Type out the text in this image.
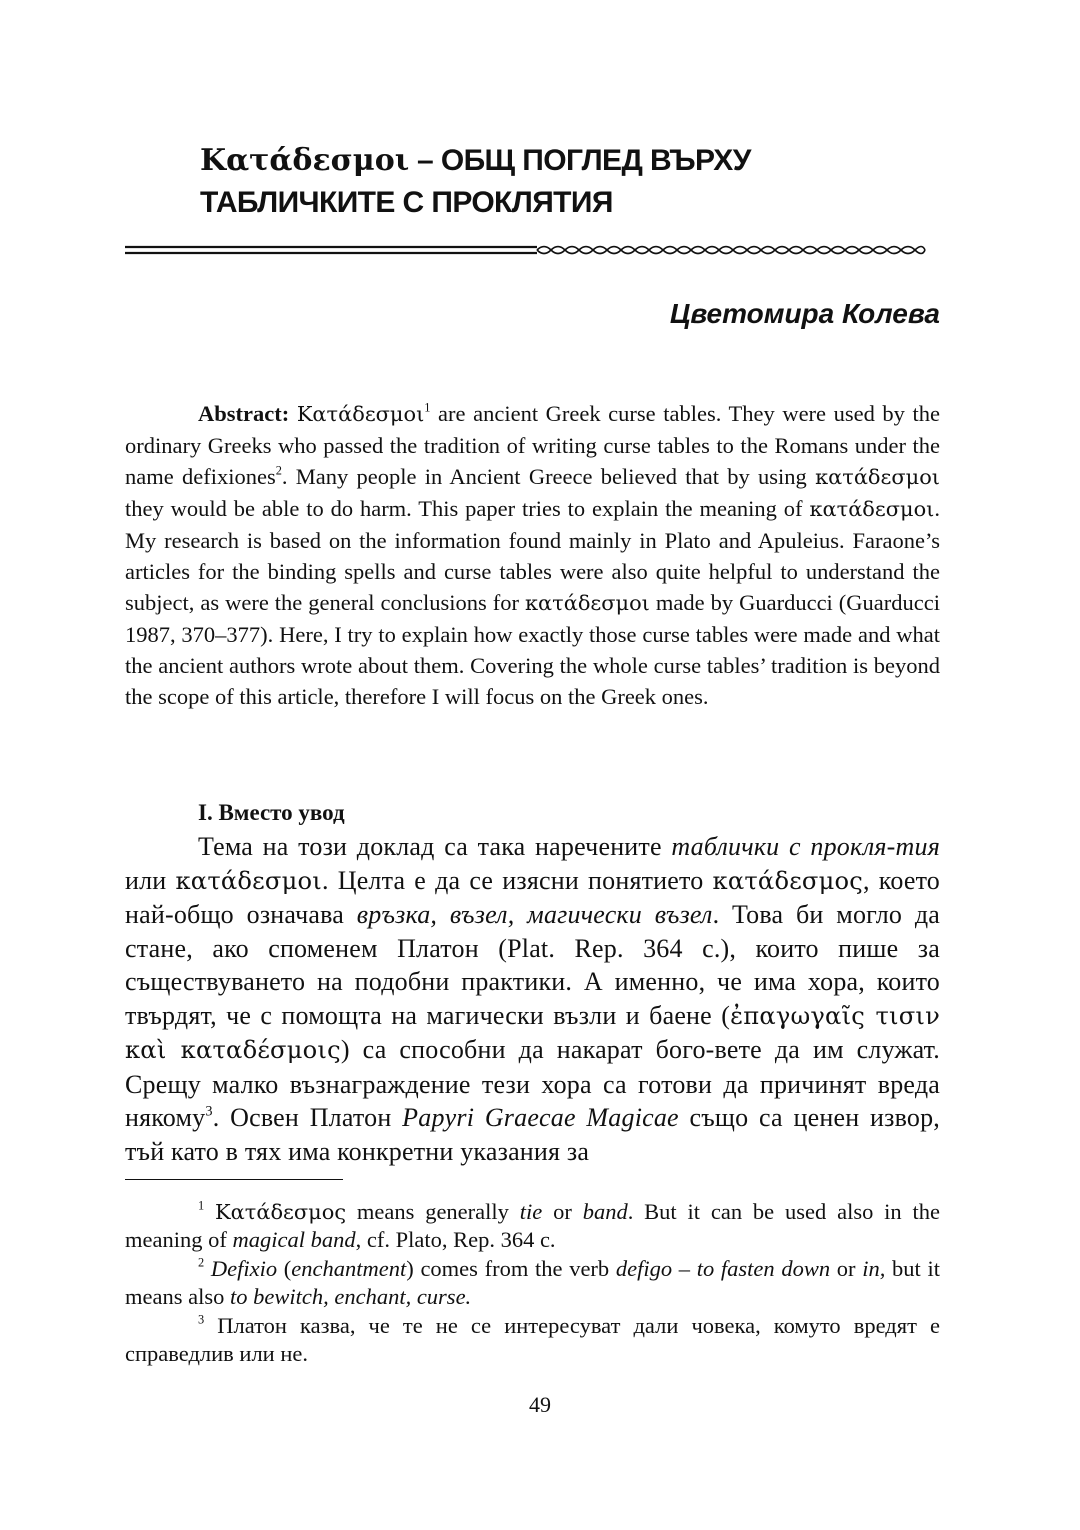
Κατάδεσμοι – ОБЩ ПОГЛЕД ВЪРХУ
ТАБЛИЧКИТЕ С ПРОКЛЯТИЯ
Цветомира Колева

Abstract: Κατάδεσμοι$^1$ are ancient Greek curse tables. They were used by the ordinary Greeks who passed the tradition of writing curse tables to the Romans under the name defixiones$^2$. Many people in Ancient Greece believed that by using κατάδεσμοι they would be able to do harm. This paper tries to explain the meaning of κατάδεσμοι. My research is based on the information found mainly in Plato and Apuleius. Faraone’s articles for the binding spells and curse tables were also quite helpful to understand the subject, as were the general conclusions for κατάδεσμοι made by Guarducci (Guarducci 1987, 370–377). Here, I try to explain how exactly those curse tables were made and what the ancient authors wrote about them. Covering the whole curse tables’ tradition is beyond the scope of this article, therefore I will focus on the Greek ones.

I. Вместо увод

Тема на този доклад са така наречените таблички с прокля-тия или κατάδεσμοι. Целта е да се изясни понятието κατάδεσμος, което най-общо означава връзка, възел, магически възел. Това би могло да стане, ако споменем Платон (Plat. Rep. 364 c.), които пише за съществуването на подобни практики. А именно, че има хора, които твърдят, че с помощта на магически възли и баене (ἐπαγωγαῖς τισιν καὶ καταδέσμοις) са способни да накарат бого-вете да им служат. Срещу малко възнаграждение тези хора са готови да причинят вреда някому$^3$. Освен Платон Papyri Graecae Magicae също са ценен извор, тъй като в тях има конкретни указания за

$^1$ Κατάδεσμος means generally tie or band. But it can be used also in the meaning of magical band, cf. Plato, Rep. 364 c.

$^2$ Defixio (enchantment) comes from the verb defigo – to fasten down or in, but it means also to bewitch, enchant, curse.

$^3$ Платон казва, че те не се интересуват дали човека, комуто вредят е справедлив или не.

49
